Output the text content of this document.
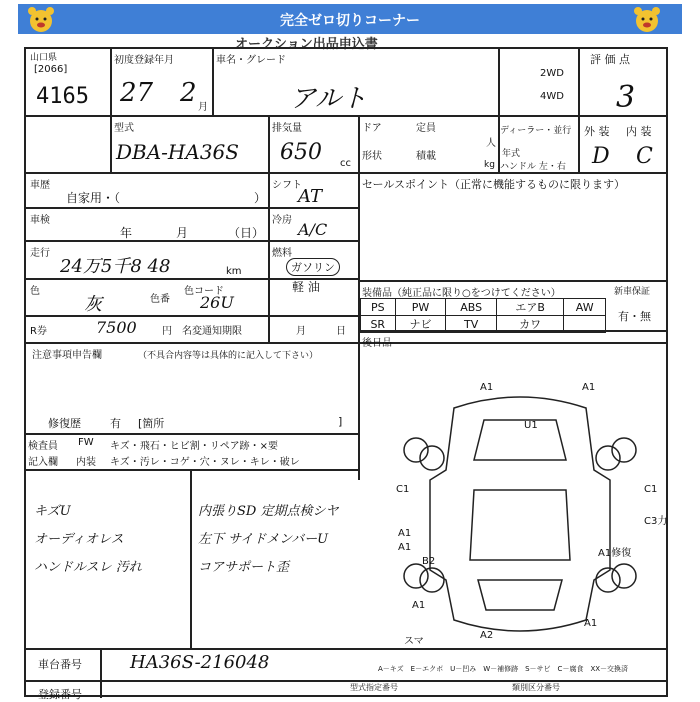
完全ゼロ切りコーナー
オークション出品申込書
山口県
[2066]
4165
初度登録年月
27 2 月
車名・グレード
アルト
2WD
4WD
評 価 点
3
型式
DBA-HA36S
排気量
650 cc
ドア
形状
定員
人
積載
kg
ディーラー・並行
年式
ハンドル 左・右
外 装 内 装
D C
車歴
自家用・（	）
車検
年	月	（日）
走行
24万5千8 48	km
色
灰	色番
色コード
26U
R券	7500	円 名変通知期限	月	日
シフト
AT
冷房 A/C
燃料
ガソリン
軽 油
セールスポイント（正常に機能するものに限ります）
装備品（純正品に限り○をつけてください）	新車保証
PS	PW	ABS	エアB	AW
SR	ナビ	TV	カワ	
有・無
後日品
注意事項申告欄	（不具合内容等は具体的に記入して下さい）
修復歴	有 [箇所	]
検査員
記入欄
FW
内装
キズ・飛石・ヒビ割・リペア跡・×要
キズ・汚レ・コゲ・穴・ヌレ・キレ・破レ
キズU
オーディオレス
ハンドルスレ 汚れ
内張りSD 定期点検シヤ
左下 サイドメンバーU
コアサポート歪
A1	A1
U1
C1	C1
A1
A1
A1
A2
A1
C3力
B2
スマ
A1修復
A－キズ　E－エクボ　U－凹み　W－補修跡　S－サビ　C－腐食　XX－交換済
車台番号	HA36S-216048
登録番号
型式指定番号	類別区分番号
